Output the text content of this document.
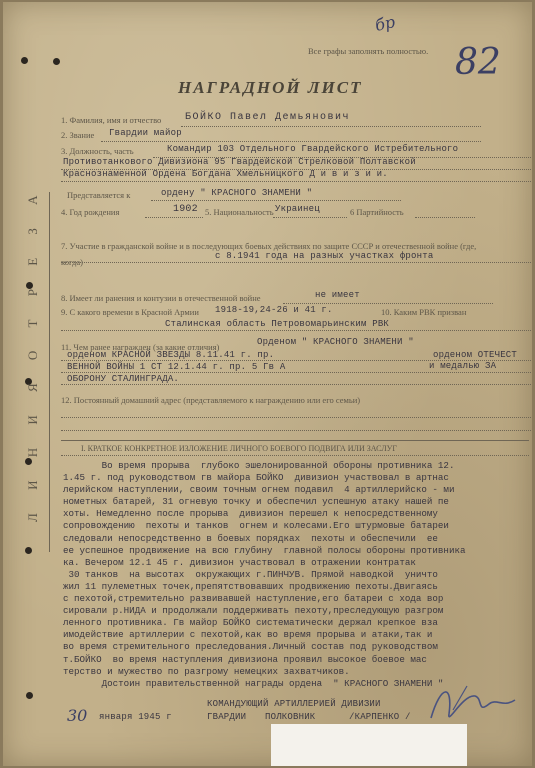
Л И Н И Я О Т Р Е З А
Все графы заполнять полностью.
бр
82
НАГРАДНОЙ ЛИСТ
1. Фамилия, имя и отчество БОЙКО Павел Демьянович
2. Звание Гвардии майор
3. Должность, часть	Командир 103 Отдельного Гвардейского Истребительного
Противотанкового Дивизиона 95 Гвардейской Стрелковой Полтавской
Краснознаменной Ордена Богдана Хмельницкого Д и в и з и и.
Представляется к	ордену " КРАСНОГО ЗНАМЕНИ "
4. Год рождения	1902 5. Национальность Украинец	6 Партийность
7. Участие в гражданской войне и в последующих боевых действиях по защите СССР и отечественной войне (где, когда)
с 8.1941 года на разных участках фронта
8. Имеет ли ранения и контузии в отечественной войне	не имеет
9. С какого времени в Красной Армии 1918-19,24-26 и 41 г.	10. Каким РВК призван
Сталинская область Петровомарьинским РВК
11. Чем ранее награжден (за какие отличия)	Орденом " КРАСНОГО ЗНАМЕНИ "
орденом ОТЕЧЕСТ
орденом КРАСНОЙ ЗВЕЗДЫ 8.11.41 г. пр.
и медалью ЗА
ВЕННОЙ ВОЙНЫ 1 СТ 12.1.44 г. пр. 5 Гв А
ОБОРОНУ СТАЛИНГРАДА.
12. Постоянный домашний адрес (представляемого к награждению или его семьи)
I. КРАТКОЕ КОНКРЕТНОЕ ИЗЛОЖЕНИЕ ЛИЧНОГО БОЕВОГО ПОДВИГА ИЛИ ЗАСЛУГ
Во время прорыва  глубоко эшелонированной обороны противника 12.
1.45 г. под руководством гв майора БОЙКО  дивизион участвовал в артнас
лерийском наступлении, своим точным огнем подавил  4 артиллерийско - ми
нометных батарей, 31 огневую точку и обеспечил успешную атаку нашей пе
хоты. Немедленно после прорыва  дивизион перешел к непосредственному
сопровождению  пехоты и танков  огнем и колесами.Его штурмовые батареи
следовали непосредственно в боевых порядках  пехоты и обеспечили  ее
ее успешное продвижение на всю глубину  главной полосы обороны противника
ка. Вечером 12.1 45 г. дивизион участвовал в отражении контратак
30 танков  на высотах  окружающих г.ПИНЧУВ. Прямой наводкой  уничто
жил 11 пулеметных точек,препятствовавших продвижению пехоты.Двигаясь
с пехотой,стремительно развивавшей наступление,его батареи с хода вор
сировали р.НИДА и продолжали поддерживать пехоту,преследующую разгром
ленного противника. Гв майор БОЙКО систематически держал крепкое вза
имодействие артиллерии с пехотой,как во время прорыва и атаки,так и
во время стремительного преследования.Личный состав под руководством
т.БОЙКО  во время наступления дивизиона проявил высокое боевое мас
терство и мужество по разгрому немецких захватчиков.
Достоин правительственной награды ордена  " КРАСНОГО ЗНАМЕНИ "
30 января 1945 г
КОМАНДУЮЩИЙ АРТИЛЛЕРИЕЙ ДИВИЗИИ
ГВАРДИИ ПОЛКОВНИК	/КАРПЕНКО /
